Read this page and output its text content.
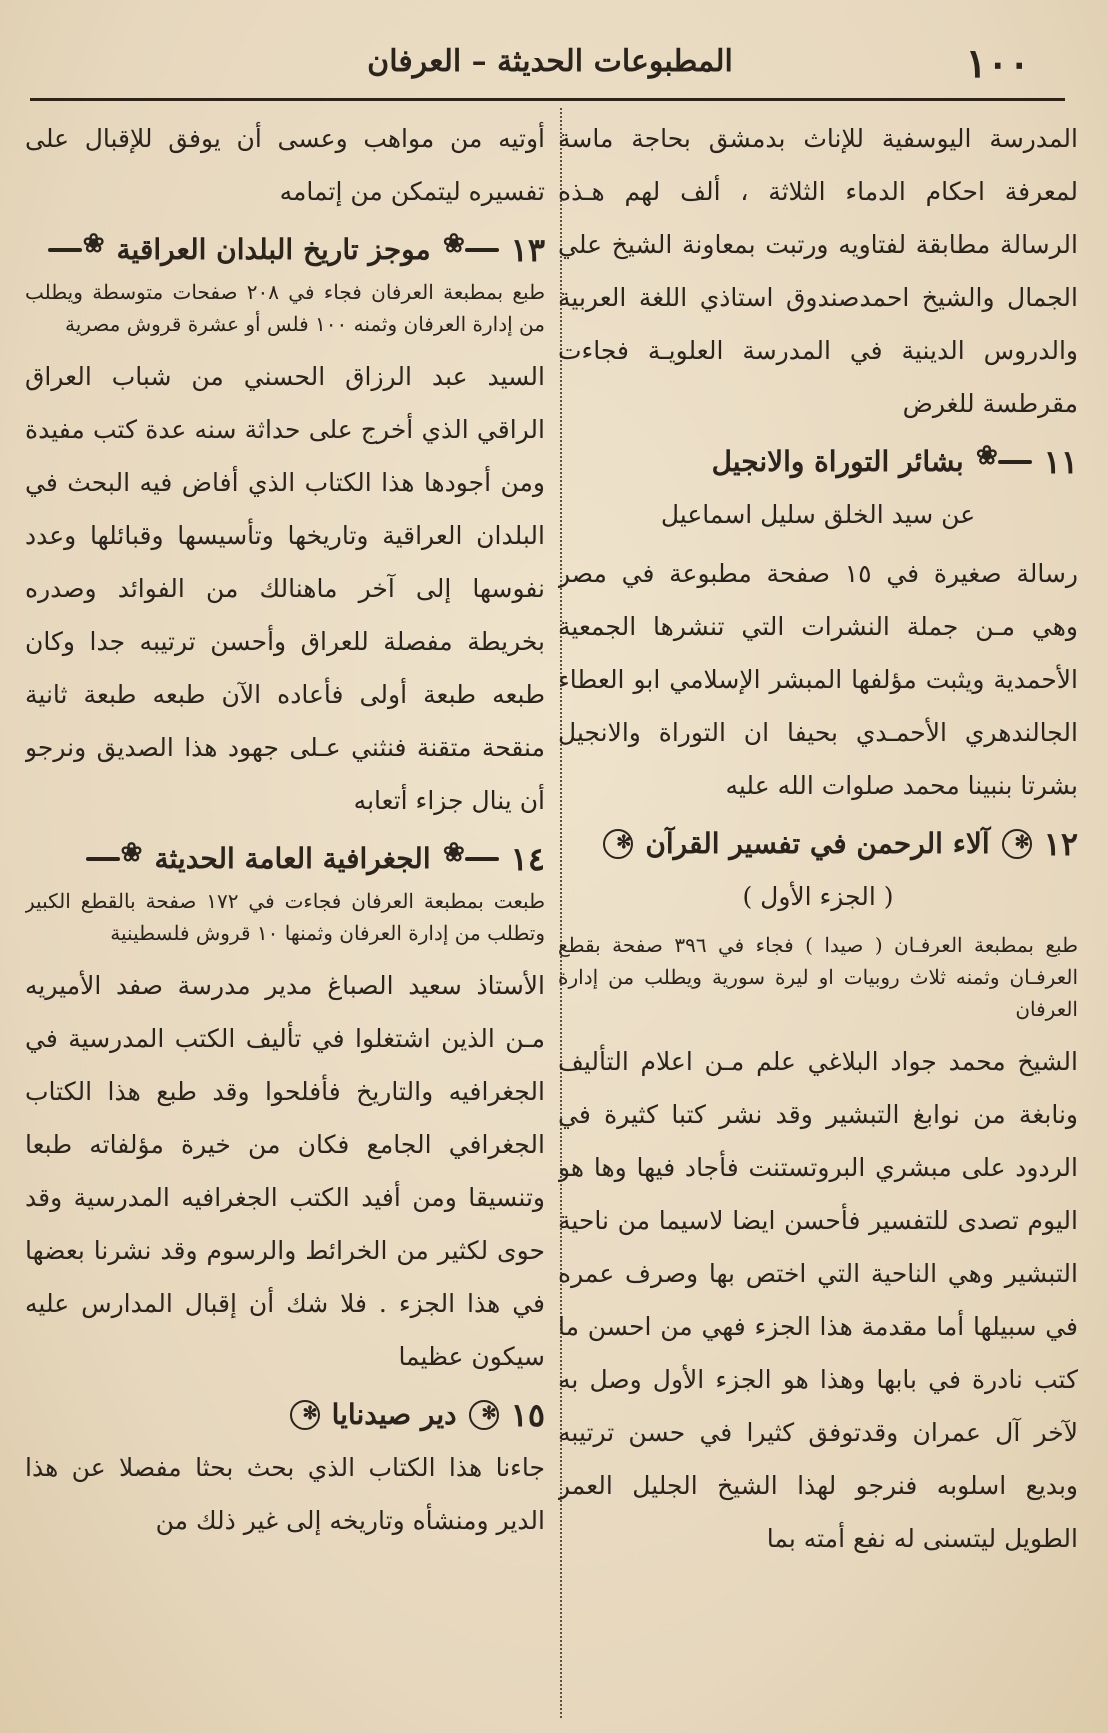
١٠٠
المطبوعات الحديثة – العرفان

المدرسة اليوسفية للإناث بدمشق بحاجة ماسة لمعرفة احكام الدماء الثلاثة ، ألف لهم هـذه الرسالة مطابقة لفتاويه ورتبت بمعاونة الشيخ علي الجمال والشيخ احمدصندوق استاذي اللغة العربية والدروس الدينية في المدرسة العلويـة فجاءت مقرطسة للغرض

١١
❀
بشائر التوراة والانجيل

عن سيد الخلق سليل اسماعيل

رسالة صغيرة في ١٥ صفحة مطبوعة في مصر وهي مـن جملة النشرات التي تنشرها الجمعية الأحمدية ويثبت مؤلفها المبشر الإسلامي ابو العطاء الجالندهري الأحمـدي بحيفا ان التوراة والانجيل بشرتا بنبينا محمد صلوات الله عليه

١٢
✻
آلاء الرحمن في تفسير القرآن
✻

( الجزء الأول )

طبع بمطبعة العرفـان ( صيدا ) فجاء في ٣٩٦ صفحة بقطع العرفـان وثمنه ثلاث روبيات او ليرة سورية ويطلب من إدارة العرفان

الشيخ محمد جواد البلاغي علم مـن اعلام التأليف ونابغة من نوابغ التبشير وقد نشر كتبا كثيرة في الردود على مبشري البروتستنت فأجاد فيها وها هو اليوم تصدى للتفسير فأحسن ايضا لاسيما من ناحية التبشير وهي الناحية التي اختص بها وصرف عمره في سبيلها أما مقدمة هذا الجزء فهي من احسن ما كتب نادرة في بابها وهذا هو الجزء الأول وصل به لآخر آل عمران وقدتوفق كثيرا في حسن ترتيبه وبديع اسلوبه فنرجو لهذا الشيخ الجليل العمر الطويل ليتسنى له نفع أمته بما

أوتيه من مواهب وعسى أن يوفق للإقبال على تفسيره ليتمكن من إتمامه

١٣
❀
موجز تاريخ البلدان العراقية
❀

طبع بمطبعة العرفان فجاء في ٢٠٨ صفحات متوسطة ويطلب من إدارة العرفان وثمنه ١٠٠ فلس أو عشرة قروش مصرية

السيد عبد الرزاق الحسني من شباب العراق الراقي الذي أخرج على حداثة سنه عدة كتب مفيدة ومن أجودها هذا الكتاب الذي أفاض فيه البحث في البلدان العراقية وتاريخها وتأسيسها وقبائلها وعدد نفوسها إلى آخر ماهنالك من الفوائد وصدره بخريطة مفصلة للعراق وأحسن ترتيبه جدا وكان طبعه طبعة أولى فأعاده الآن طبعه طبعة ثانية منقحة متقنة فنثني عـلى جهود هذا الصديق ونرجو أن ينال جزاء أتعابه

١٤
❀
الجغرافية العامة الحديثة
❀

طبعت بمطبعة العرفان فجاءت في ١٧٢ صفحة بالقطع الكبير وتطلب من إدارة العرفان وثمنها ١٠ قروش فلسطينية

الأستاذ سعيد الصباغ مدير مدرسة صفد الأميريه مـن الذين اشتغلوا في تأليف الكتب المدرسية في الجغرافيه والتاريخ فأفلحوا وقد طبع هذا الكتاب الجغرافي الجامع فكان من خيرة مؤلفاته طبعا وتنسيقا ومن أفيد الكتب الجغرافيه المدرسية وقد حوى لكثير من الخرائط والرسوم وقد نشرنا بعضها في هذا الجزء . فلا شك أن إقبال المدارس عليه سيكون عظيما

١٥
✻
دير صيدنايا
✻

جاءنا هذا الكتاب الذي بحث بحثا مفصلا عن هذا الدير ومنشأه وتاريخه إلى غير ذلك من
